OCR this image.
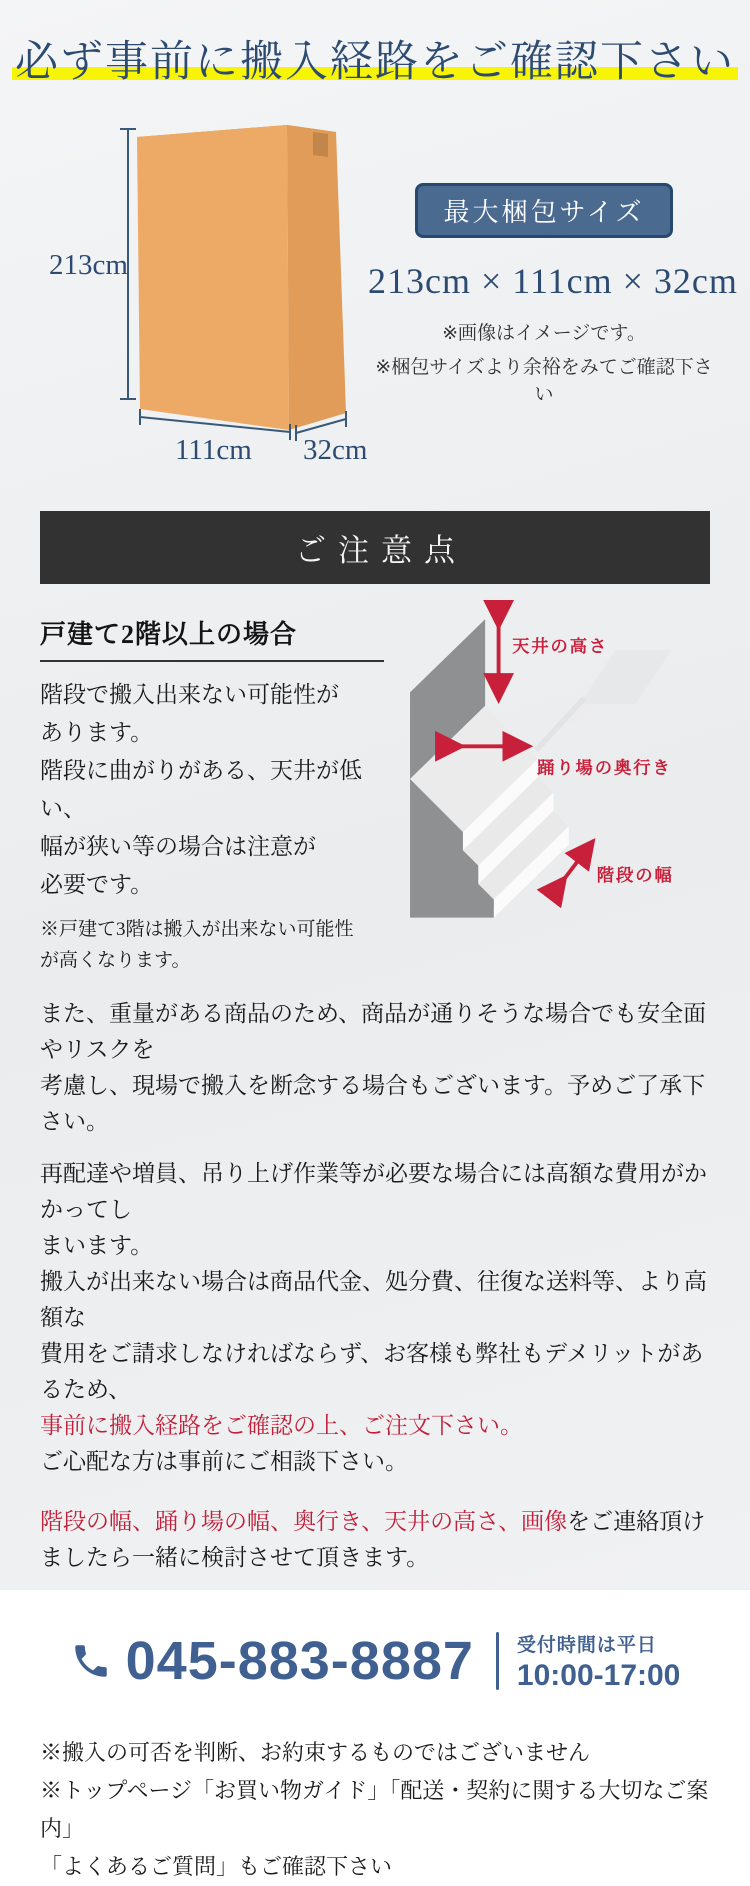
必ず事前に搬入経路をご確認下さい
213cm
111cm 32cm
最大梱包サイズ
213cm × 111cm × 32cm
※画像はイメージです。
※梱包サイズより余裕をみてご確認下さい
ご注意点
戸建て2階以上の場合
階段で搬入出来ない可能性が
あります。
階段に曲がりがある、天井が低い、
幅が狭い等の場合は注意が
必要です。
※戸建て3階は搬入が出来ない可能性
が高くなります。
天井の高さ
踊り場の奥行き
階段の幅
また、重量がある商品のため、商品が通りそうな場合でも安全面やリスクを
考慮し、現場で搬入を断念する場合もございます。予めご了承下さい。
再配達や増員、吊り上げ作業等が必要な場合には高額な費用がかかってし
まいます。
搬入が出来ない場合は商品代金、処分費、往復な送料等、より高額な
費用をご請求しなければならず、お客様も弊社もデメリットがあるため、
事前に搬入経路をご確認の上、ご注文下さい。
ご心配な方は事前にご相談下さい。
階段の幅、踊り場の幅、奥行き、天井の高さ、画像をご連絡頂けましたら一緒に検討させて頂きます。
045-883-8887 受付時間は平日
10:00-17:00
※搬入の可否を判断、お約束するものではございません
※トップページ「お買い物ガイド」「配送・契約に関する大切なご案内」
「よくあるご質問」もご確認下さい
